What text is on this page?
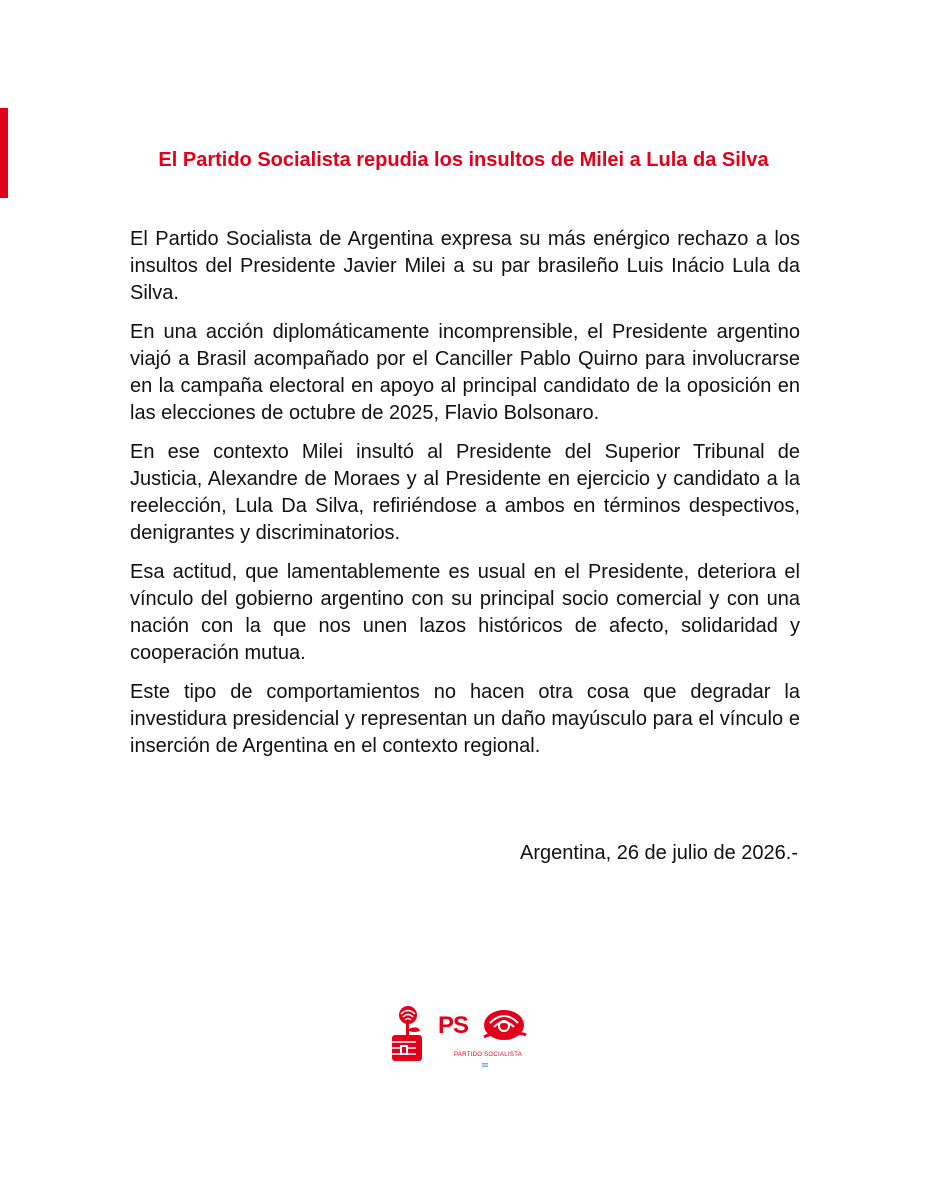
El Partido Socialista repudia los insultos de Milei a Lula da Silva

El Partido Socialista de Argentina expresa su más enérgico rechazo a los insultos del Presidente Javier Milei a su par brasileño Luis Inácio Lula da Silva.

En una acción diplomáticamente incomprensible, el Presidente argentino viajó a Brasil acompañado por el Canciller Pablo Quirno para involucrarse en la campaña electoral en apoyo al principal candidato de la oposición en las elecciones de octubre de 2025, Flavio Bolsonaro.

En ese contexto Milei insultó al Presidente del Superior Tribunal de Justicia, Alexandre de Moraes y al Presidente en ejercicio y candidato a la reelección, Lula Da Silva, refiriéndose a ambos en términos despectivos, denigrantes y discriminatorios.

Esa actitud, que lamentablemente es usual en el Presidente, deteriora el vínculo del gobierno argentino con su principal socio comercial y con una nación con la que nos unen lazos históricos de afecto, solidaridad y cooperación mutua.

Este tipo de comportamientos no hacen otra cosa que degradar la investidura presidencial y representan un daño mayúsculo para el vínculo e inserción de Argentina en el contexto regional.

Argentina, 26 de julio de 2026.-
PS
PARTIDO SOCIALISTA
